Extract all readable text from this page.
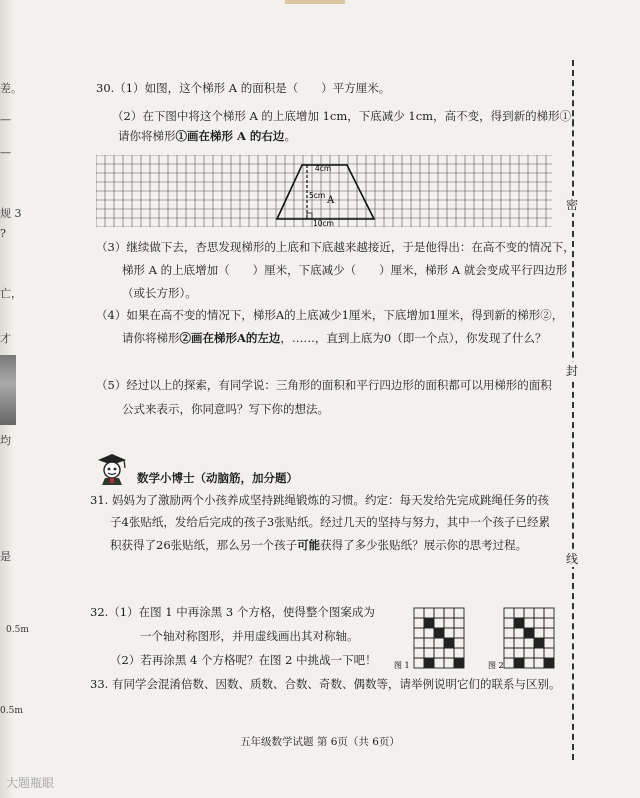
差。
—
—
规 3
?
亡，
才
均
是
0.5m
0.5m
密
封
线
30.（1）如图，这个梯形 A 的面积是（　　）平方厘米。
（2）在下图中将这个梯形 A 的上底增加 1cm，下底减少 1cm，高不变，得到新的梯形①，
请你将梯形①画在梯形 A 的右边。
4cm
5cm A
10cm
（3）继续做下去，杏思发现梯形的上底和下底越来越接近，于是他得出：在高不变的情况下，
梯形 A 的上底增加（　　）厘米，下底减少（　　）厘米，梯形 A 就会变成平行四边形
（或长方形）。
（4）如果在高不变的情况下，梯形A的上底减少1厘米，下底增加1厘米，得到新的梯形②，
请你将梯形②画在梯形A的左边，……，直到上底为0（即一个点），你发现了什么？
（5）经过以上的探索，有同学说：三角形的面积和平行四边形的面积都可以用梯形的面积
公式来表示，你同意吗？写下你的想法。
数学小博士（动脑筋，加分题）
31. 妈妈为了激励两个小孩养成坚持跳绳锻炼的习惯。约定：每天发给先完成跳绳任务的孩
子4张贴纸，发给后完成的孩子3张贴纸。经过几天的坚持与努力，其中一个孩子已经累
积获得了26张贴纸，那么另一个孩子可能获得了多少张贴纸？展示你的思考过程。
32.（1）在图 1 中再涂黑 3 个方格，使得整个图案成为
一个轴对称图形，并用虚线画出其对称轴。
（2）若再涂黑 4 个方格呢？在图 2 中挑战一下吧！ 图 1	图 2
33. 有同学会混淆倍数、因数、质数、合数、奇数、偶数等，请举例说明它们的联系与区别。
五年级数学试题 第 6页（共 6页）
大题瓶眼
